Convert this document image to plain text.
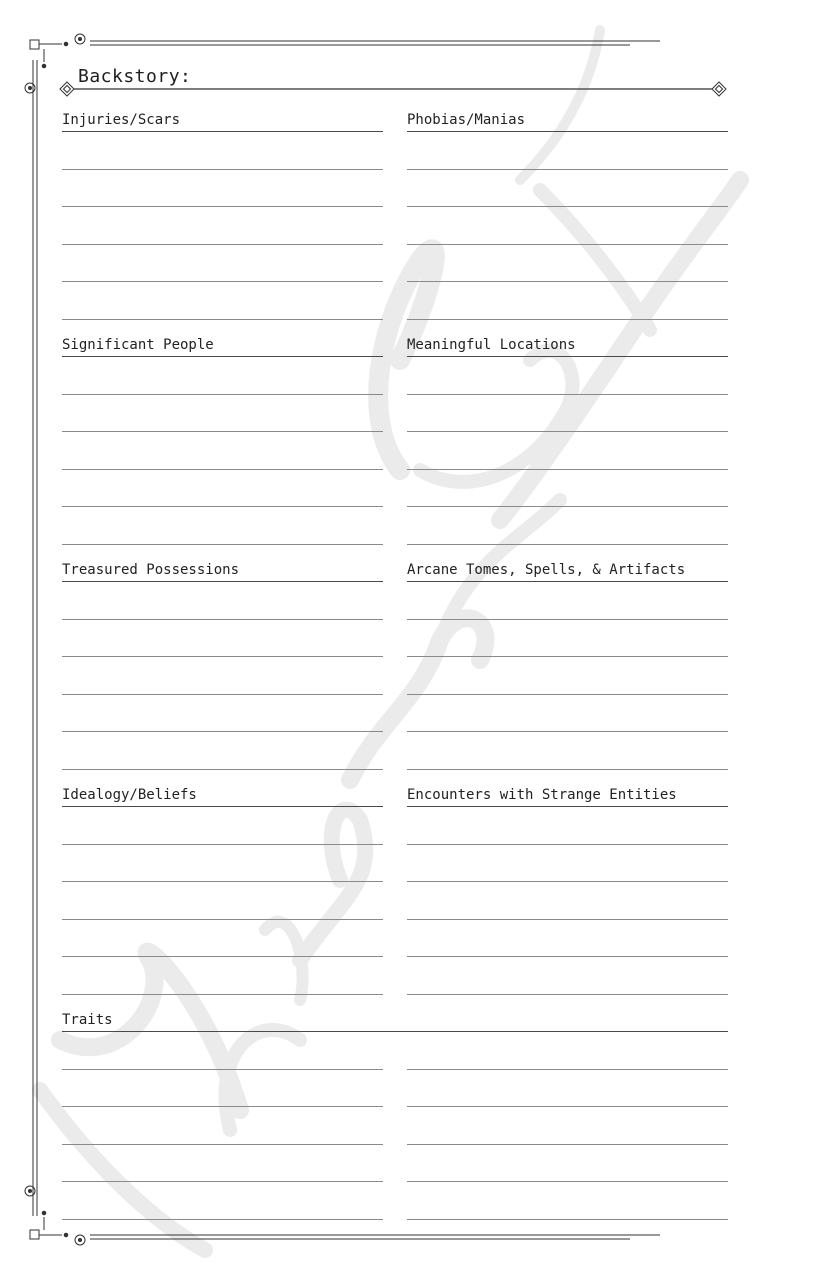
Backstory:
Injuries/Scars
Significant People
Treasured Possessions
Idealogy/Beliefs
Traits
Phobias/Manias
Meaningful Locations
Arcane Tomes, Spells, & Artifacts
Encounters with Strange Entities
